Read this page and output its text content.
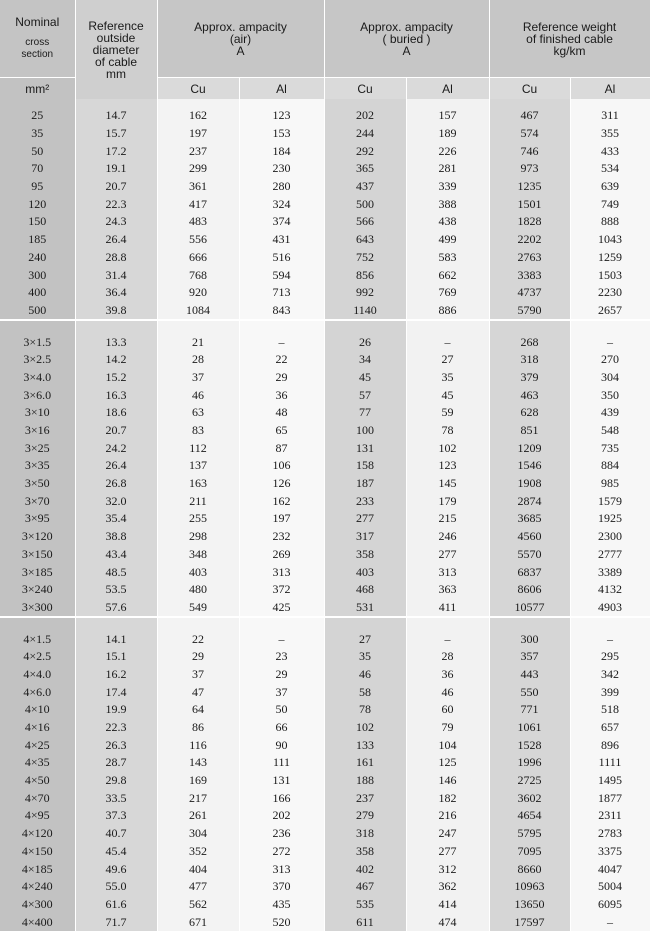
Nominal
cross
section	Reference
outside
diameter
of cable
mm	Approx. ampacity
(air)
A		Approx. ampacity
( buried )
A		Reference weight
of finished cable
kg/km	

mm²		Cu	Al	Cu	Al	Cu	Al

25	14.7	162	123	202	157	467	311
35	15.7	197	153	244	189	574	355
50	17.2	237	184	292	226	746	433
70	19.1	299	230	365	281	973	534
95	20.7	361	280	437	339	1235	639
120	22.3	417	324	500	388	1501	749
150	24.3	483	374	566	438	1828	888
185	26.4	556	431	643	499	2202	1043
240	28.8	666	516	752	583	2763	1259
300	31.4	768	594	856	662	3383	1503
400	36.4	920	713	992	769	4737	2230
500	39.8	1084	843	1140	886	5790	2657

3×1.5	13.3	21	–	26	–	268	–
3×2.5	14.2	28	22	34	27	318	270
3×4.0	15.2	37	29	45	35	379	304
3×6.0	16.3	46	36	57	45	463	350
3×10	18.6	63	48	77	59	628	439
3×16	20.7	83	65	100	78	851	548
3×25	24.2	112	87	131	102	1209	735
3×35	26.4	137	106	158	123	1546	884
3×50	26.8	163	126	187	145	1908	985
3×70	32.0	211	162	233	179	2874	1579
3×95	35.4	255	197	277	215	3685	1925
3×120	38.8	298	232	317	246	4560	2300
3×150	43.4	348	269	358	277	5570	2777
3×185	48.5	403	313	403	313	6837	3389
3×240	53.5	480	372	468	363	8606	4132
3×300	57.6	549	425	531	411	10577	4903

4×1.5	14.1	22	–	27	–	300	–
4×2.5	15.1	29	23	35	28	357	295
4×4.0	16.2	37	29	46	36	443	342
4×6.0	17.4	47	37	58	46	550	399
4×10	19.9	64	50	78	60	771	518
4×16	22.3	86	66	102	79	1061	657
4×25	26.3	116	90	133	104	1528	896
4×35	28.7	143	111	161	125	1996	1111
4×50	29.8	169	131	188	146	2725	1495
4×70	33.5	217	166	237	182	3602	1877
4×95	37.3	261	202	279	216	4654	2311
4×120	40.7	304	236	318	247	5795	2783
4×150	45.4	352	272	358	277	7095	3375
4×185	49.6	404	313	402	312	8660	4047
4×240	55.0	477	370	467	362	10963	5004
4×300	61.6	562	435	535	414	13650	6095
4×400	71.7	671	520	611	474	17597	–
